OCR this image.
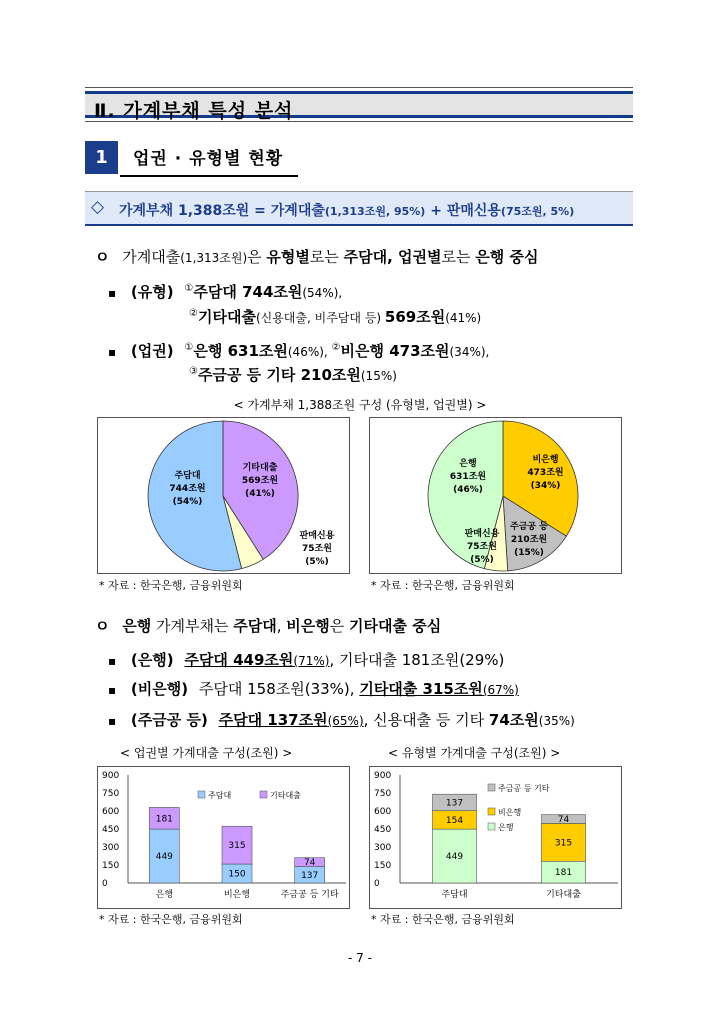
Ⅱ. 가계부채 특성 분석
1	업권 · 유형별 현황
◇ 가계부채 1,388조원 = 가계대출(1,313조원, 95%) + 판매신용(75조원, 5%)
ㅇ 가계대출(1,313조원)은 유형별로는 주담대, 업권별로는 은행 중심
▪ (유형) ①주담대 744조원(54%),
②기타대출(신용대출, 비주담대 등) 569조원(41%)
▪ (업권) ①은행 631조원(46%), ②비은행 473조원(34%),
③주금공 등 기타 210조원(15%)
< 가계부채 1,388조원 구성 (유형별, 업권별) >
주담대
744조원
(54%)
기타대출
569조원
(41%)
판매신용
75조원
(5%)
은행
631조원
(46%)
비은행
473조원
(34%)
주금공 등
210조원
(15%)
판매신용
75조원
(5%)
* 자료 : 한국은행, 금융위원회	* 자료 : 한국은행, 금융위원회
ㅇ 은행 가계부채는 주담대, 비은행은 기타대출 중심
▪ (은행) 주담대 449조원(71%), 기타대출 181조원(29%)
▪ (비은행) 주담대 158조원(33%), 기타대출 315조원(67%)
▪ (주금공 등) 주담대 137조원(65%), 신용대출 등 기타 74조원(35%)
< 업권별 가계대출 구성(조원) >	< 유형별 가계대출 구성(조원) >
900
750
600
450
300
150
0
449
181
은행
150
315
비은행
137
74
주금공 등 기타
주담대	기타대출
900
750
600
450
300
150
0
449
154
137
주담대
181
315
74
기타대출
은행
비은행
주금공 등 기타
* 자료 : 한국은행, 금융위원회	* 자료 : 한국은행, 금융위원회
- 7 -
